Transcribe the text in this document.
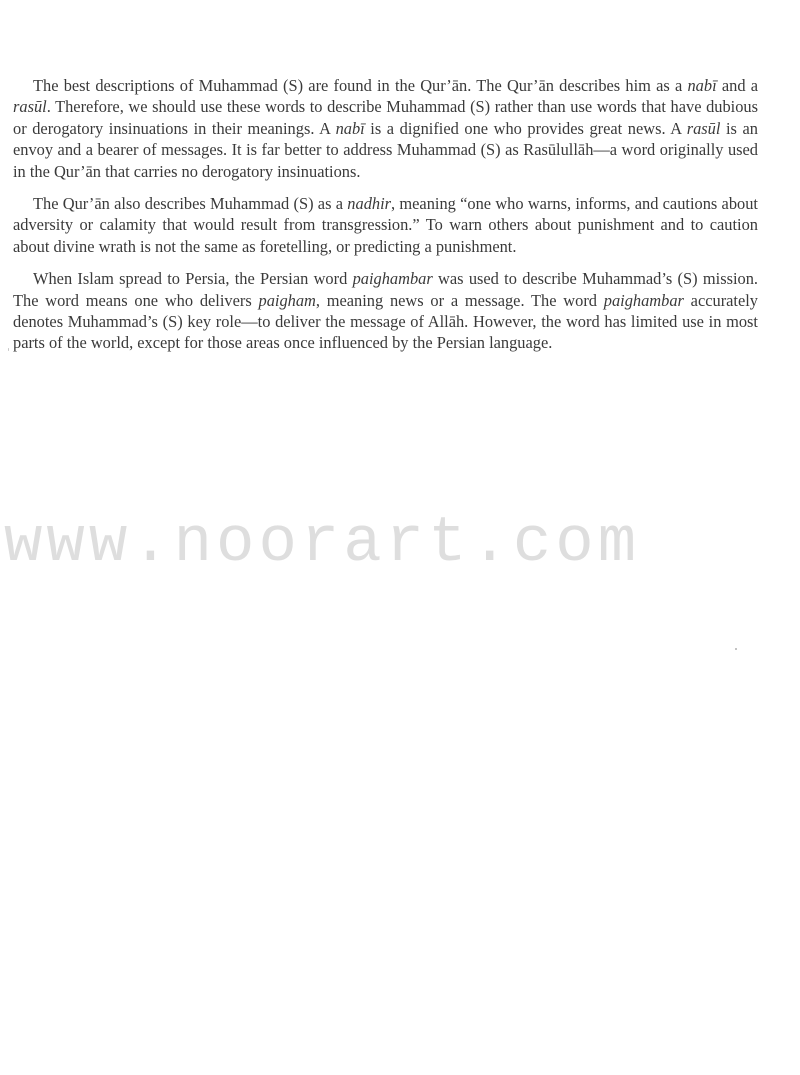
The best descriptions of Muhammad (S) are found in the Qur’ān. The Qur’ān describes him as a nabī and a rasūl. Therefore, we should use these words to describe Muhammad (S) rather than use words that have dubious or derogatory insinuations in their meanings. A nabī is a dignified one who provides great news. A rasūl is an envoy and a bearer of messages. It is far better to address Muhammad (S) as Rasūlullāh—a word originally used in the Qur’ān that carries no derogatory insinuations.

The Qur’ān also describes Muhammad (S) as a nadhir, meaning “one who warns, informs, and cautions about adversity or calamity that would result from transgression.” To warn others about punishment and to caution about divine wrath is not the same as foretelling, or predicting a punishment.

When Islam spread to Persia, the Persian word paighambar was used to describe Muhammad’s (S) mission. The word means one who delivers paigham, meaning news or a message. The word paighambar accurately denotes Muhammad’s (S) key role—to deliver the message of Allāh. However, the word has limited use in most parts of the world, except for those areas once influenced by the Persian language.

www.noorart.com
